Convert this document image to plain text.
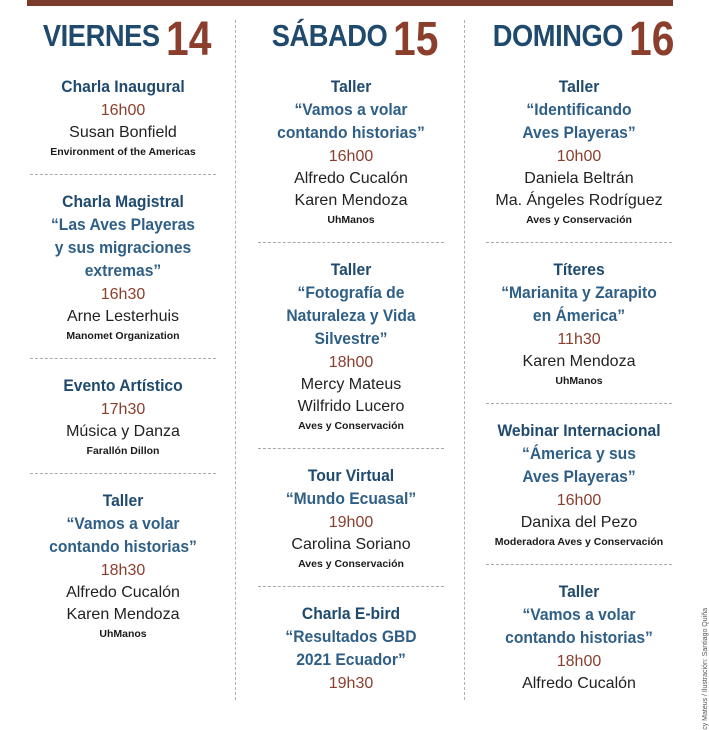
VIERNES 14
Charla Inaugural
16h00
Susan Bonfield
Environment of the Americas
Charla Magistral
“Las Aves Playeras
y sus migraciones
extremas”
16h30
Arne Lesterhuis
Manomet Organization
Evento Artístico
17h30
Música y Danza
Farallón Dillon
Taller
“Vamos a volar
contando historias”
18h30
Alfredo Cucalón
Karen Mendoza
UhManos
SÁBADO 15
Taller
“Vamos a volar
contando historias”
16h00
Alfredo Cucalón
Karen Mendoza
UhManos
Taller
“Fotografía de
Naturaleza y Vida
Silvestre”
18h00
Mercy Mateus
Wilfrido Lucero
Aves y Conservación
Tour Virtual
“Mundo Ecuasal”
19h00
Carolina Soriano
Aves y Conservación
Charla E-bird
“Resultados GBD
2021 Ecuador”
19h30
DOMINGO 16
Taller
“Identificando
Aves Playeras”
10h00
Daniela Beltrán
Ma. Ángeles Rodríguez
Aves y Conservación
Títeres
“Marianita y Zarapito
en Ámerica”
11h30
Karen Mendoza
UhManos
Webinar Internacional
“Ámerica y sus
Aves Playeras”
16h00
Danixa del Pezo
Moderadora Aves y Conservación
Taller
“Vamos a volar
contando historias”
18h00
Alfredo Cucalón	cy Mateus / Ilustración: Santiago Quiña
